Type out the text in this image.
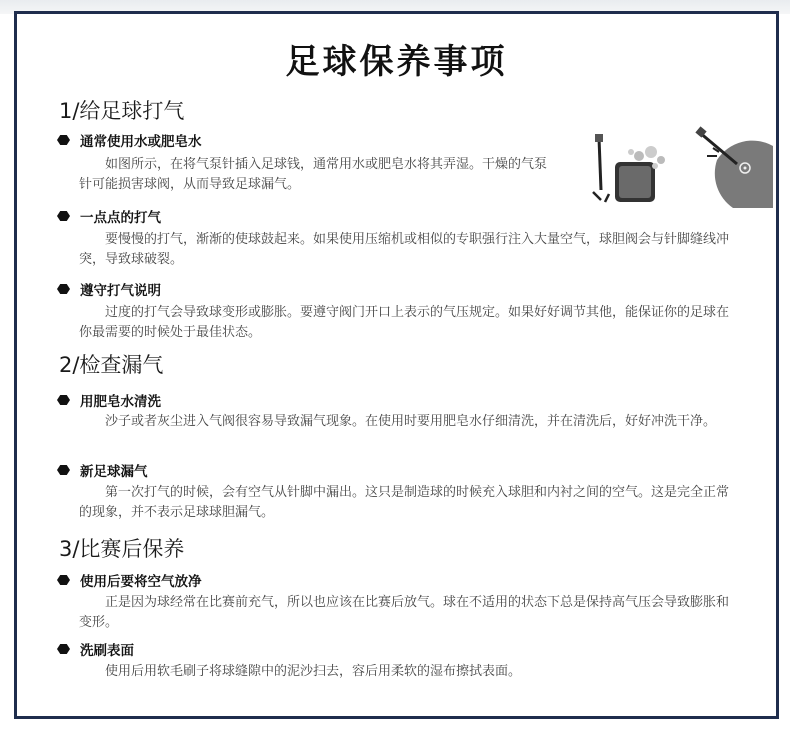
足球保养事项
1/给足球打气
通常使用水或肥皂水
如图所示，在将气泵针插入足球钱，通常用水或肥皂水将其弄湿。干燥的气泵针可能损害球阀，从而导致足球漏气。
一点点的打气
要慢慢的打气，渐渐的使球鼓起来。如果使用压缩机或相似的专职强行注入大量空气，球胆阀会与针脚缝线冲突，导致球破裂。
遵守打气说明
过度的打气会导致球变形或膨胀。要遵守阀门开口上表示的气压规定。如果好好调节其他，能保证你的足球在你最需要的时候处于最佳状态。
2/检查漏气
用肥皂水清洗
沙子或者灰尘进入气阀很容易导致漏气现象。在使用时要用肥皂水仔细清洗，并在清洗后，好好冲洗干净。
新足球漏气
第一次打气的时候，会有空气从针脚中漏出。这只是制造球的时候充入球胆和内衬之间的空气。这是完全正常的现象，并不表示足球球胆漏气。
3/比赛后保养
使用后要将空气放净
正是因为球经常在比赛前充气，所以也应该在比赛后放气。球在不适用的状态下总是保持高气压会导致膨胀和变形。
洗刷表面
使用后用软毛刷子将球缝隙中的泥沙扫去，容后用柔软的湿布擦拭表面。
